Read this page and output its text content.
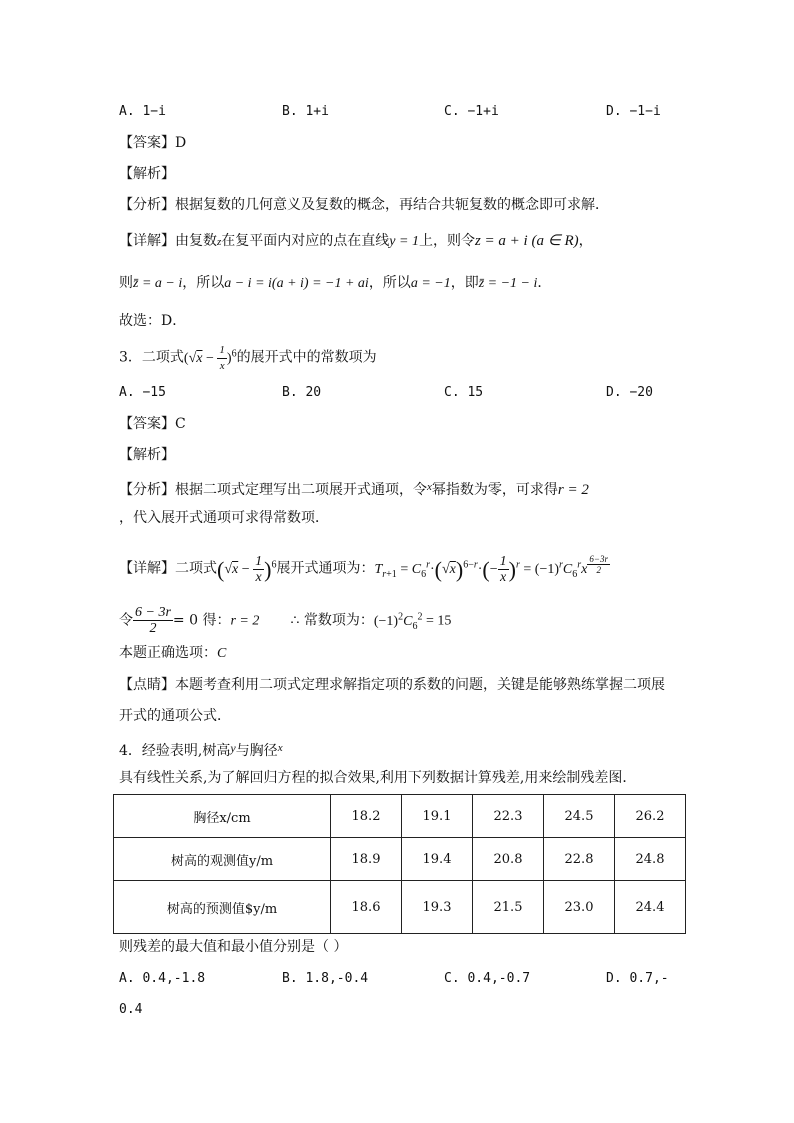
A. 1−i	B. 1+i	C. −1+i	D. −1−i
【答案】D
【解析】
【分析】根据复数的几何意义及复数的概念，再结合共轭复数的概念即可求解．
【详解】由复数z在复平面内对应的点在直线y = 1上，则令z = a + i (a ∈ R)，
则z̄ = a − i，所以a − i = i(a + i) = −1 + ai，所以a = −1，即z̄ = −1 − i．
故选：D．
3．二项式$(√x - \frac{1}{x} )^6$的展开式中的常数项为
A. −15	B. 20	C. 15	D. −20
【答案】C
【解析】
【分析】根据二项式定理写出二项展开式通项，令$^x$幂指数为零，可求得r = 2
，代入展开式通项可求得常数项．
【详解】二项式$(√x - \frac{1}{x} )^6$展开式通项为：$T_{r+1} = C_6^r\cdot(√x)^{6-r}\cdot(- \frac{1}{x} )^r = (-1)^rC_6^rx$ $^{\frac{6-3r}{2}}$
令 $\frac{6 - 3r}{2} = 0$ 得：r = 2 ∴ 常数项为：$(-1)^2C_6^2 = 15$
本题正确选项：C
【点睛】本题考查利用二项式定理求解指定项的系数的问题，关键是能够熟练掌握二项展
开式的通项公式．
4．经验表明,树高y与胸径$^x$
具有线性关系,为了解回归方程的拟合效果,利用下列数据计算残差,用来绘制残差图．
胸径x/cm	18.2	19.1	22.3	24.5	26.2
树高的观测值y/m	18.9	19.4	20.8	22.8	24.8
树高的预测值$y/m	18.6	19.3	21.5	23.0	24.4
则残差的最大值和最小值分别是（ ）
A. 0.4,-1.8	B. 1.8,-0.4	C. 0.4,-0.7	D. 0.7,-
0.4
